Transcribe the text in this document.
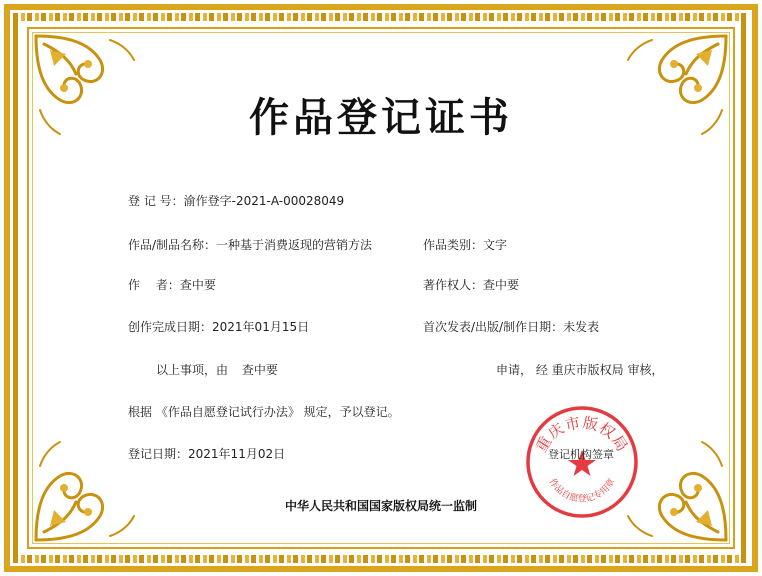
作品登记证书
登 记 号：渝作登字-2021-A-00028049
作品/制品名称：一种基于消费返现的营销方法	作品类别：文字
作　 者：查中要	著作权人：查中要
创作完成日期：2021年01月15日	首次发表/出版/制作日期：未发表
以上事项，由 查中要	申请， 经 重庆市版权局 审核，
根据 《作品自愿登记试行办法》 规定，予以登记。
登记日期：2021年11月02日	重庆市版权局
作品自愿登记专用章
登记机构签章
中华人民共和国国家版权局统一监制
